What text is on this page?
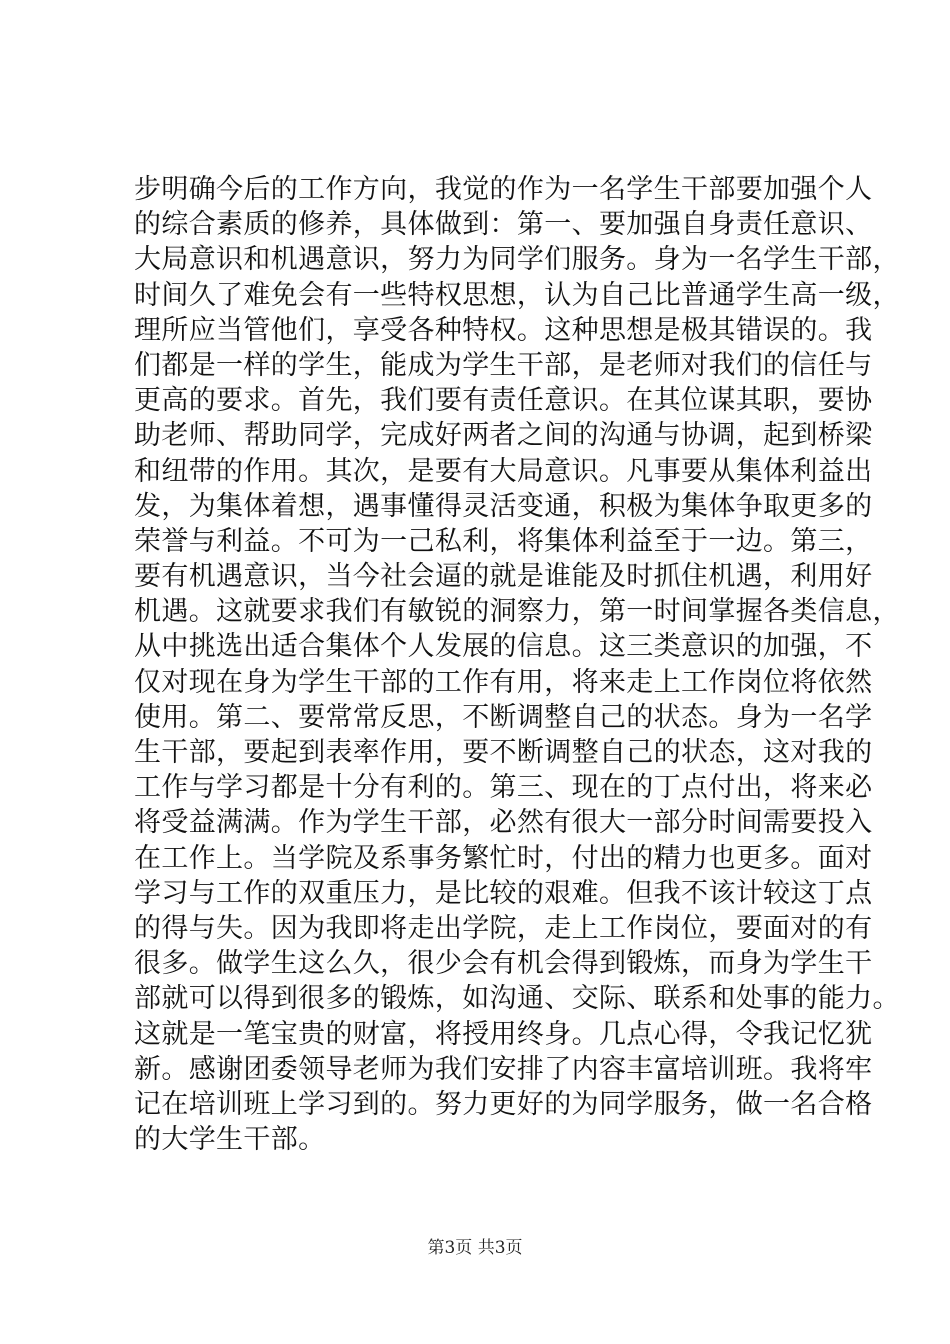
步明确今后的工作方向，我觉的作为一名学生干部要加强个人
的综合素质的修养，具体做到：第一、要加强自身责任意识、
大局意识和机遇意识，努力为同学们服务。身为一名学生干部，
时间久了难免会有一些特权思想，认为自己比普通学生高一级，
理所应当管他们，享受各种特权。这种思想是极其错误的。我
们都是一样的学生，能成为学生干部，是老师对我们的信任与
更高的要求。首先，我们要有责任意识。在其位谋其职，要协
助老师、帮助同学，完成好两者之间的沟通与协调，起到桥梁
和纽带的作用。其次，是要有大局意识。凡事要从集体利益出
发，为集体着想，遇事懂得灵活变通，积极为集体争取更多的
荣誉与利益。不可为一己私利，将集体利益至于一边。第三，
要有机遇意识，当今社会逼的就是谁能及时抓住机遇，利用好
机遇。这就要求我们有敏锐的洞察力，第一时间掌握各类信息，
从中挑选出适合集体个人发展的信息。这三类意识的加强，不
仅对现在身为学生干部的工作有用，将来走上工作岗位将依然
使用。第二、要常常反思，不断调整自己的状态。身为一名学
生干部，要起到表率作用，要不断调整自己的状态，这对我的
工作与学习都是十分有利的。第三、现在的丁点付出，将来必
将受益满满。作为学生干部，必然有很大一部分时间需要投入
在工作上。当学院及系事务繁忙时，付出的精力也更多。面对
学习与工作的双重压力，是比较的艰难。但我不该计较这丁点
的得与失。因为我即将走出学院，走上工作岗位，要面对的有
很多。做学生这么久，很少会有机会得到锻炼，而身为学生干
部就可以得到很多的锻炼，如沟通、交际、联系和处事的能力。
这就是一笔宝贵的财富，将授用终身。几点心得，令我记忆犹
新。感谢团委领导老师为我们安排了内容丰富培训班。我将牢
记在培训班上学习到的。努力更好的为同学服务，做一名合格
的大学生干部。
第3页 共3页
